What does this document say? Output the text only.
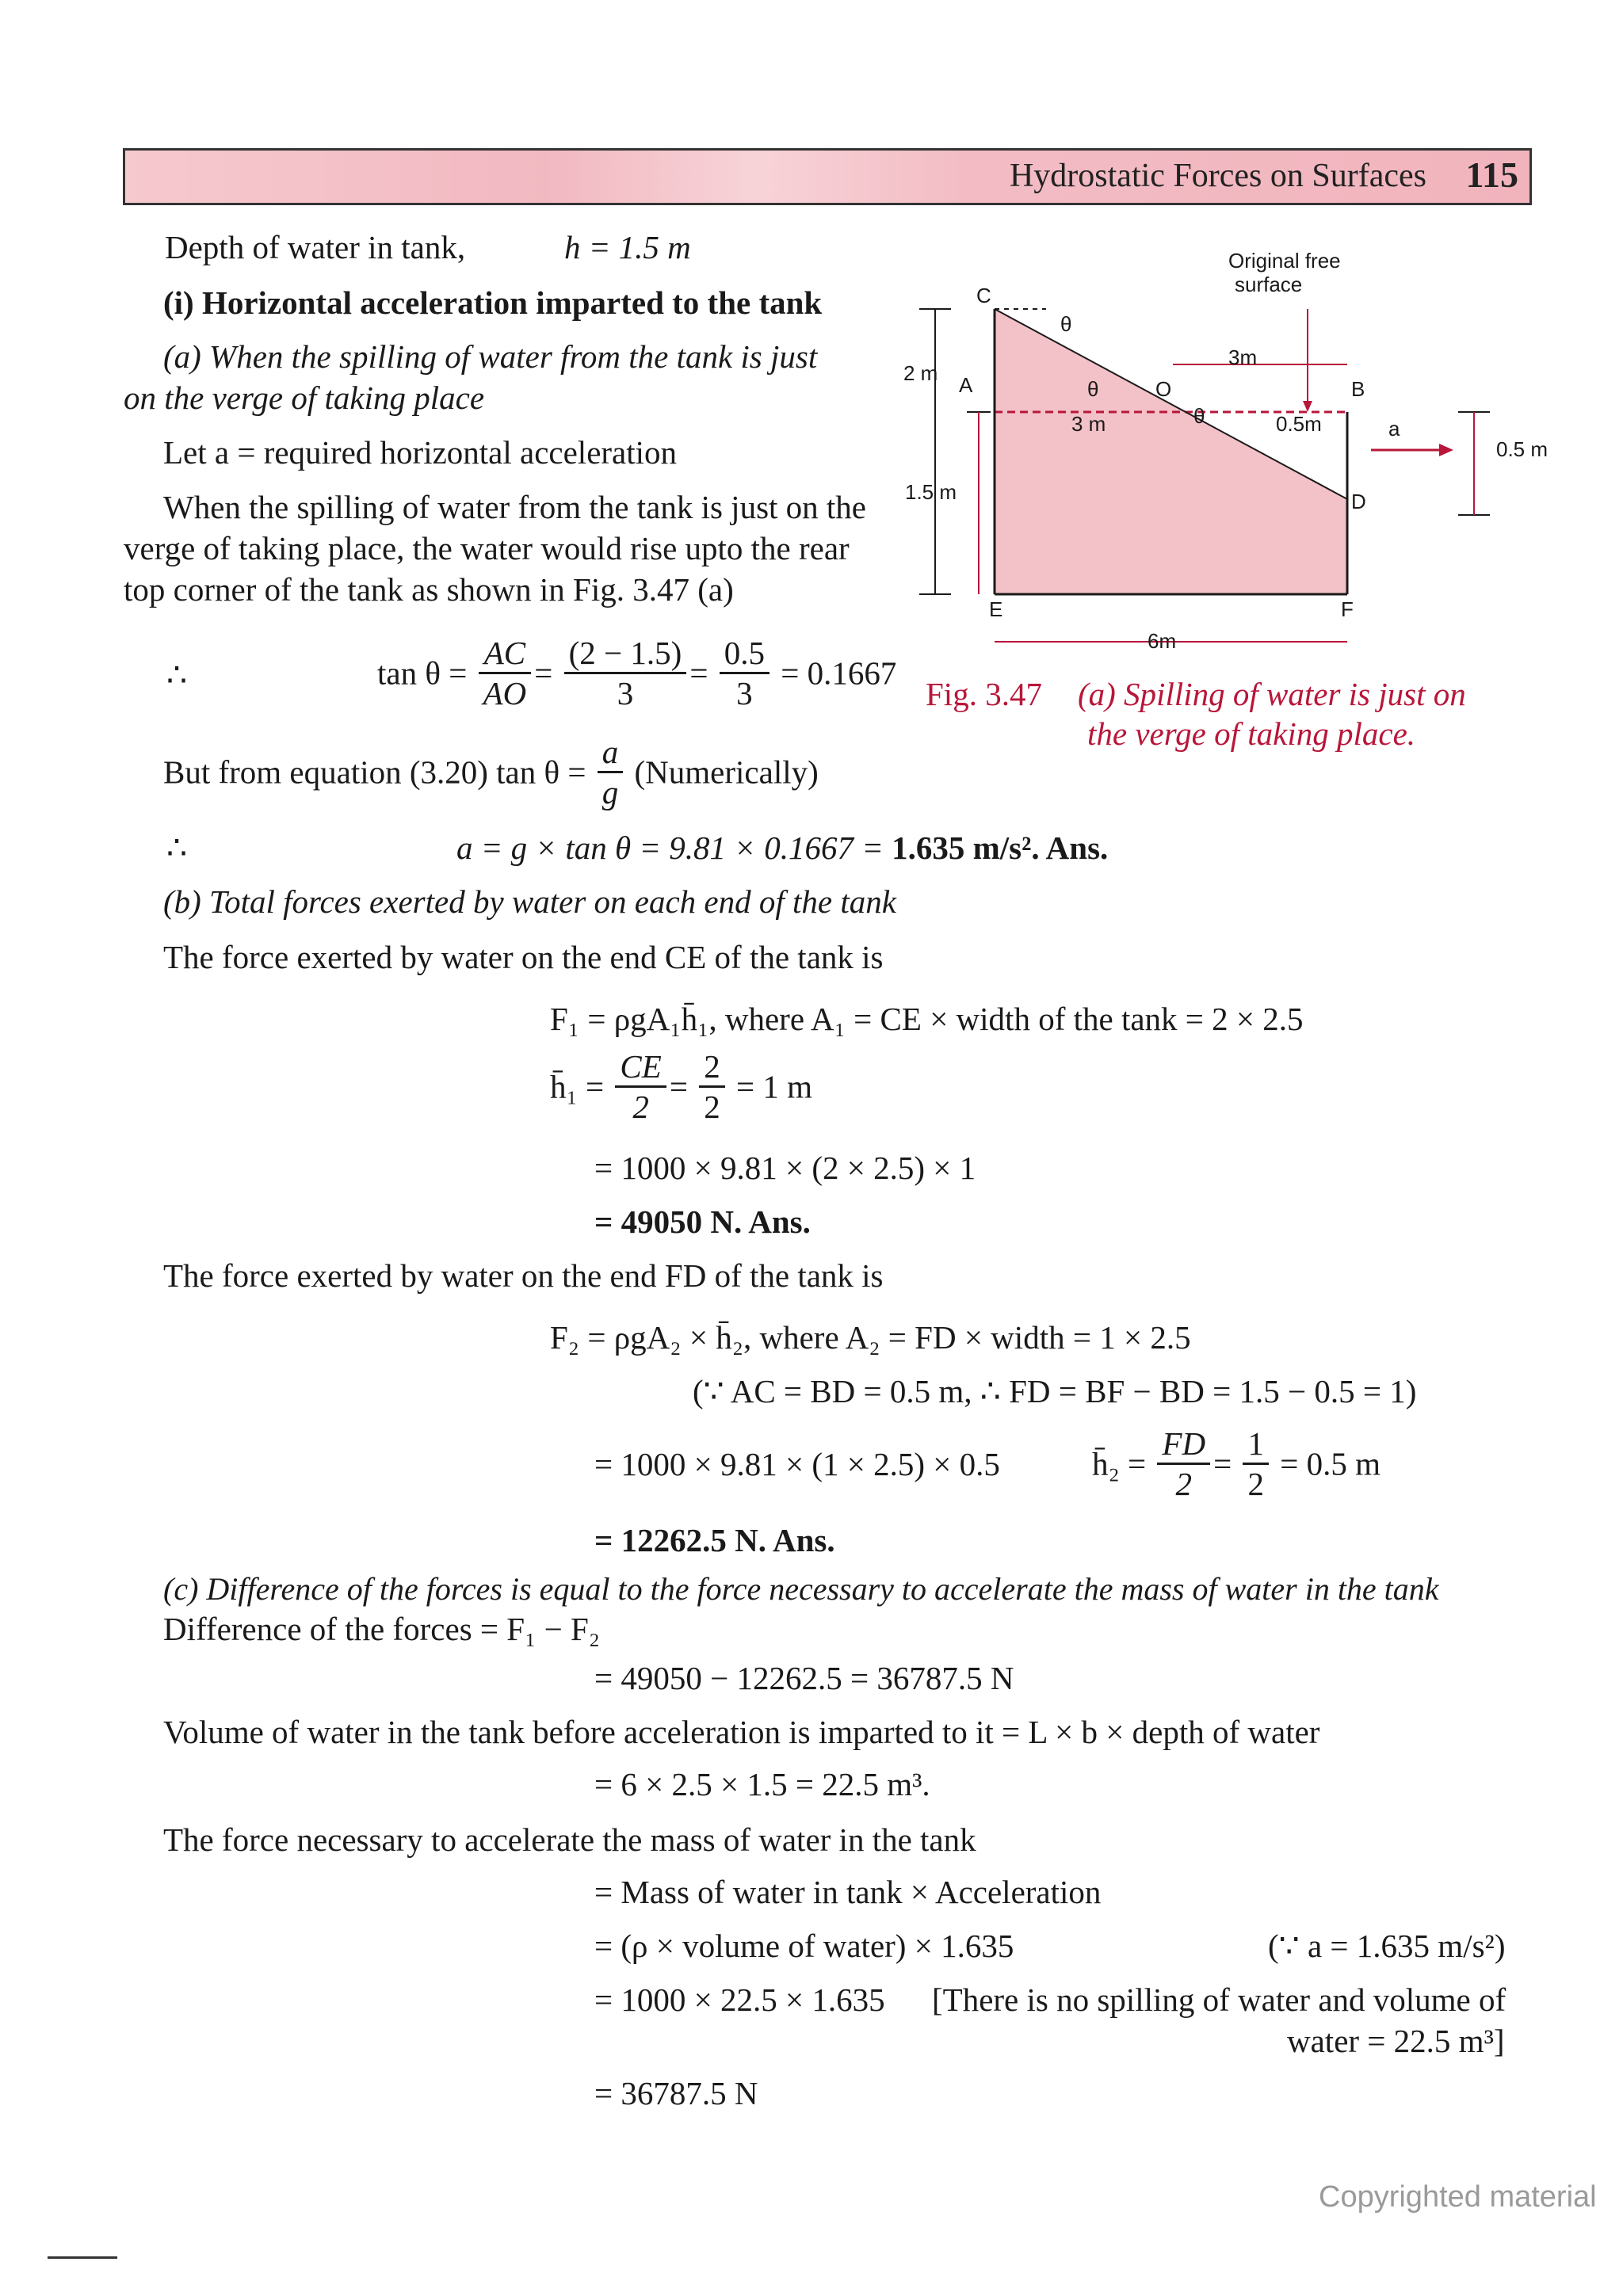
Hydrostatic Forces on Surfaces 115
Depth of water in tank,	h = 1.5 m
(i) Horizontal acceleration imparted to the tank
(a) When the spilling of water from the tank is just
on the verge of taking place
Let a = required horizontal acceleration
When the spilling of water from the tank is just on the
verge of taking place, the water would rise upto the rear
top corner of the tank as shown in Fig. 3.47 (a)
∴	$\tan \theta = \frac{AC}{AO} = \frac{(2 - 1.5)}{3} = \frac{0.5}{3} = 0.1667$
But from equation (3.20) $\tan \theta = \frac{a}{g}$ (Numerically)
∴	a = g × tan θ = 9.81 × 0.1667 = 1.635 m/s². Ans.
(b) Total forces exerted by water on each end of the tank
The force exerted by water on the end CE of the tank is
F₁ = ρgA₁h̄₁, where A₁ = CE × width of the tank = 2 × 2.5
h̄₁ = $\frac{CE}{2} = \frac{2}{2} = 1$ m
= 1000 × 9.81 × (2 × 2.5) × 1
= 49050 N. Ans.
The force exerted by water on the end FD of the tank is
F₂ = ρgA₂ × h̄₂, where A₂ = FD × width = 1 × 2.5
(∵ AC = BD = 0.5 m, ∴ FD = BF − BD = 1.5 − 0.5 = 1)
= 1000 × 9.81 × (1 × 2.5) × 0.5	h̄₂ = $\frac{FD}{2} = \frac{1}{2} = 0.5$ m
= 12262.5 N. Ans.
(c) Difference of the forces is equal to the force necessary to accelerate the mass of water in the tank
Difference of the forces = F₁ − F₂
= 49050 − 12262.5 = 36787.5 N
Volume of water in the tank before acceleration is imparted to it = L × b × depth of water
= 6 × 2.5 × 1.5 = 22.5 m³.
The force necessary to accelerate the mass of water in the tank
= Mass of water in tank × Acceleration
= (ρ × volume of water) × 1.635	(∵ a = 1.635 m/s²)
= 1000 × 22.5 × 1.635 [There is no spilling of water and volume of
water = 22.5 m³]
= 36787.5 N
C
θ
2 m A	θ	O	B
3m
3 m	θ	0.5m	a
0.5 m
1.5 m	D
E	F
6m
Original free
surface
Fig. 3.47 (a) Spilling of water is just on
the verge of taking place.
Copyrighted material
